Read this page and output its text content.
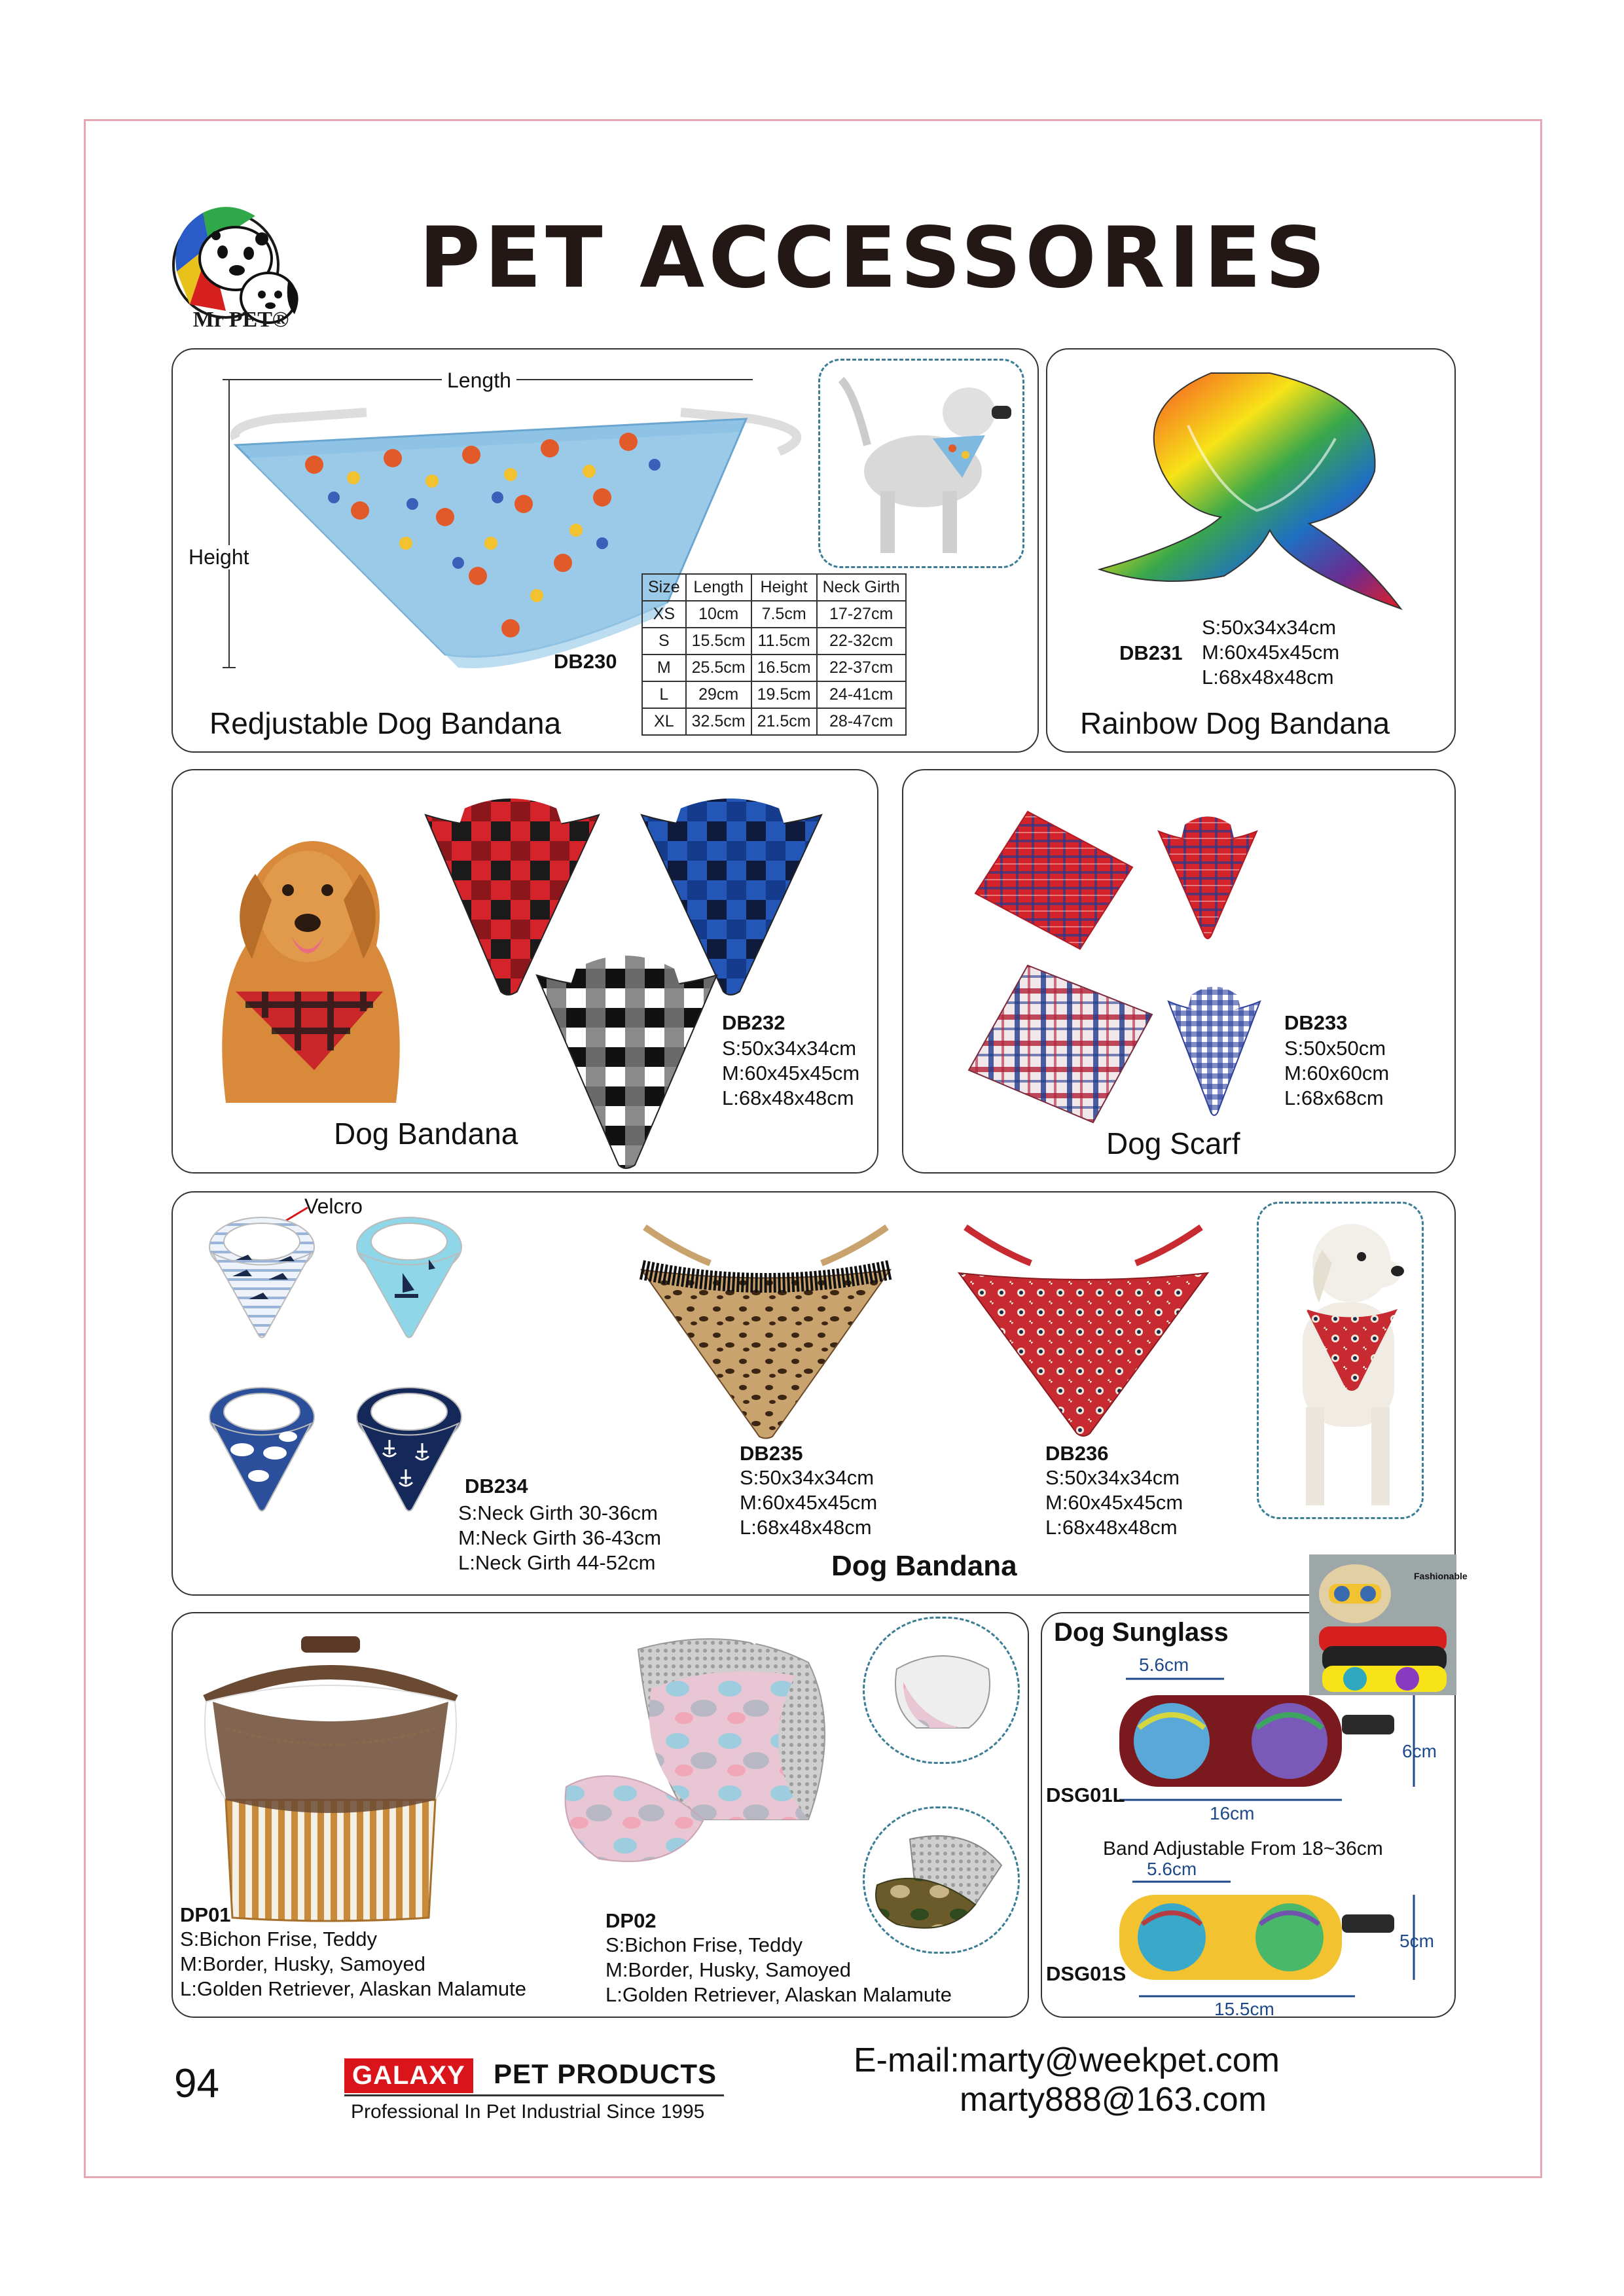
Mr PET®
PET ACCESSORIES
Length
Height
DB230
Size	Length	Height	Neck Girth
XS	10cm	7.5cm	17-27cm
S	15.5cm	11.5cm	22-32cm
M	25.5cm	16.5cm	22-37cm
L	29cm	19.5cm	24-41cm
XL	32.5cm	21.5cm	28-47cm
Redjustable Dog Bandana
DB231
S:50x34x34cm
M:60x45x45cm
L:68x48x48cm
Rainbow Dog Bandana
DB232
S:50x34x34cm
M:60x45x45cm
L:68x48x48cm
Dog Bandana
DB233
S:50x50cm
M:60x60cm
L:68x68cm
Dog Scarf
Velcro
DB234
S:Neck Girth 30-36cm
M:Neck Girth 36-43cm
L:Neck Girth 44-52cm
DB235
S:50x34x34cm
M:60x45x45cm
L:68x48x48cm
DB236
S:50x34x34cm
M:60x45x45cm
L:68x48x48cm
Dog Bandana
DP01
S:Bichon Frise, Teddy
M:Border, Husky, Samoyed
L:Golden Retriever, Alaskan Malamute
DP02
S:Bichon Frise, Teddy
M:Border, Husky, Samoyed
L:Golden Retriever, Alaskan Malamute
Dog Sunglass
Fashionable
5.6cm
6cm
DSG01L
16cm
Band Adjustable From 18~36cm
5.6cm
5cm
DSG01S
15.5cm
94	GALAXY PET PRODUCTS
Professional In Pet Industrial Since 1995
E-mail:marty@weekpet.com
marty888@163.com
